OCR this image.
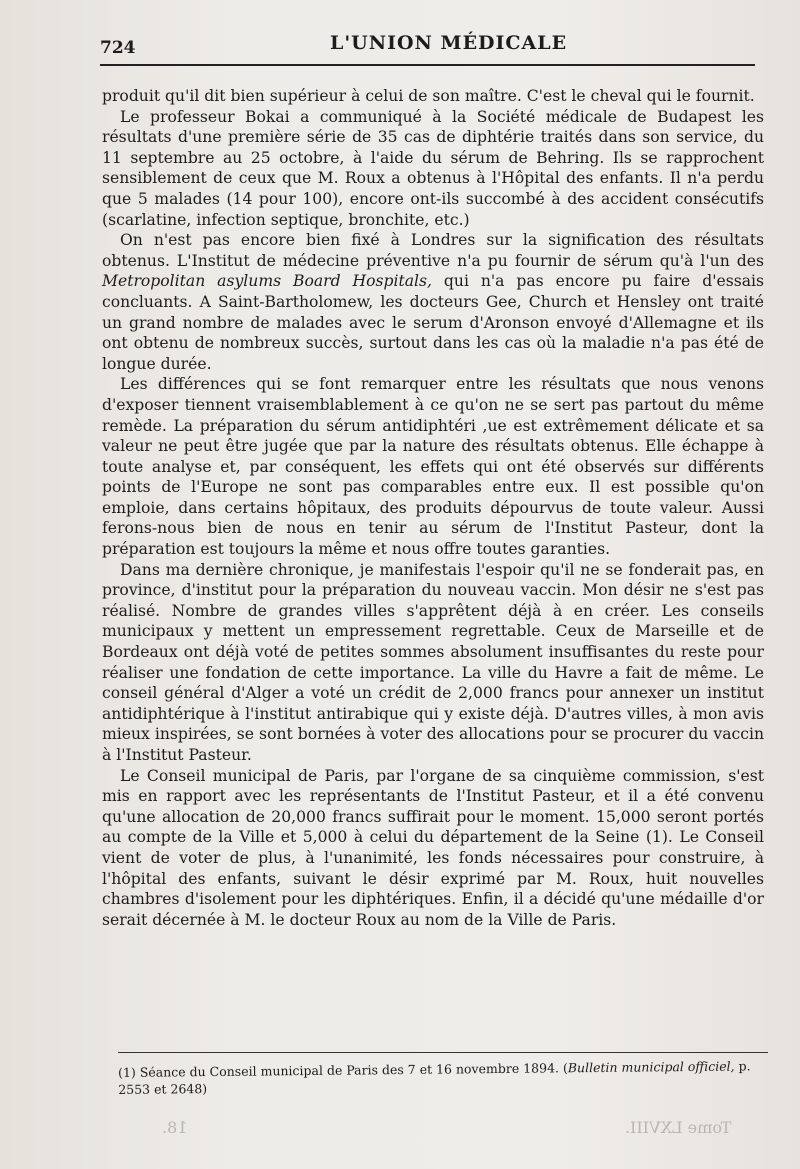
724	L'UNION MÉDICALE

produit qu'il dit bien supérieur à celui de son maître. C'est le cheval qui le fournit.

Le professeur Bokai a communiqué à la Société médicale de Budapest les résultats d'une première série de 35 cas de diphtérie traités dans son service, du 11 septembre au 25 octobre, à l'aide du sérum de Behring. Ils se rapprochent sensiblement de ceux que M. Roux a obtenus à l'Hôpital des enfants. Il n'a perdu que 5 malades (14 pour 100), encore ont-ils succombé à des accident consécutifs (scarlatine, infection septique, bronchite, etc.)

On n'est pas encore bien fixé à Londres sur la signification des résultats obtenus. L'Institut de médecine préventive n'a pu fournir de sérum qu'à l'un des Metropolitan asylums Board Hospitals, qui n'a pas encore pu faire d'essais concluants. A Saint-Bartholomew, les docteurs Gee, Church et Hensley ont traité un grand nombre de malades avec le serum d'Aronson envoyé d'Allemagne et ils ont obtenu de nombreux succès, surtout dans les cas où la maladie n'a pas été de longue durée.

Les différences qui se font remarquer entre les résultats que nous venons d'exposer tiennent vraisemblablement à ce qu'on ne se sert pas partout du même remède. La préparation du sérum antidiphtéri ,ue est extrêmement délicate et sa valeur ne peut être jugée que par la nature des résultats obtenus. Elle échappe à toute analyse et, par conséquent, les effets qui ont été observés sur différents points de l'Europe ne sont pas comparables entre eux. Il est possible qu'on emploie, dans certains hôpitaux, des produits dépourvus de toute valeur. Aussi ferons-nous bien de nous en tenir au sérum de l'Institut Pasteur, dont la préparation est toujours la même et nous offre toutes garanties.

Dans ma dernière chronique, je manifestais l'espoir qu'il ne se fonderait pas, en province, d'institut pour la préparation du nouveau vaccin. Mon désir ne s'est pas réalisé. Nombre de grandes villes s'apprêtent déjà à en créer. Les conseils municipaux y mettent un empressement regrettable. Ceux de Marseille et de Bordeaux ont déjà voté de petites sommes absolument insuffisantes du reste pour réaliser une fondation de cette importance. La ville du Havre a fait de même. Le conseil général d'Alger a voté un crédit de 2,000 francs pour annexer un institut antidiphtérique à l'institut antirabique qui y existe déjà. D'autres villes, à mon avis mieux inspirées, se sont bornées à voter des allocations pour se procurer du vaccin à l'Institut Pasteur.

Le Conseil municipal de Paris, par l'organe de sa cinquième commission, s'est mis en rapport avec les représentants de l'Institut Pasteur, et il a été convenu qu'une allocation de 20,000 francs suffirait pour le moment. 15,000 seront portés au compte de la Ville et 5,000 à celui du département de la Seine (1). Le Conseil vient de voter de plus, à l'unanimité, les fonds nécessaires pour construire, à l'hôpital des enfants, suivant le désir exprimé par M. Roux, huit nouvelles chambres d'isolement pour les diphtériques. Enfin, il a décidé qu'une médaille d'or serait décernée à M. le docteur Roux au nom de la Ville de Paris.

(1) Séance du Conseil municipal de Paris des 7 et 16 novembre 1894. (Bulletin municipal officiel, p. 2553 et 2648)
18.	Tome LXVIII.
